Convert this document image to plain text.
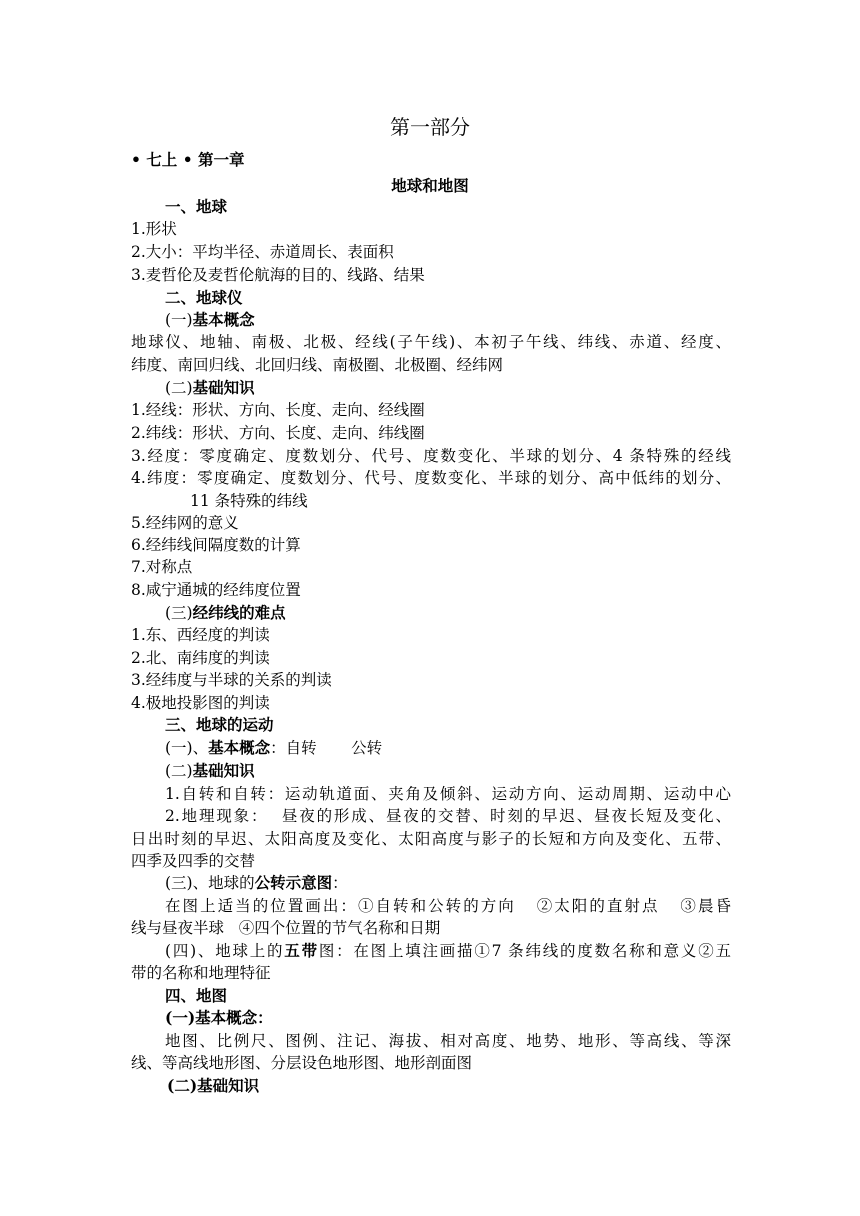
第一部分
• 七上 • 第一章
地球和地图
一、地球
1.形状
2.大小：平均半径、赤道周长、表面积
3.麦哲伦及麦哲伦航海的目的、线路、结果
二、地球仪
(一)基本概念
地球仪、地轴、南极、北极、经线(子午线)、本初子午线、纬线、赤道、经度、
纬度、南回归线、北回归线、南极圈、北极圈、经纬网
(二)基础知识
1.经线：形状、方向、长度、走向、经线圈
2.纬线：形状、方向、长度、走向、纬线圈
3.经度：零度确定、度数划分、代号、度数变化、半球的划分、4 条特殊的经线
4.纬度：零度确定、度数划分、代号、度数变化、半球的划分、高中低纬的划分、
11 条特殊的纬线
5.经纬网的意义
6.经纬线间隔度数的计算
7.对称点
8.咸宁通城的经纬度位置
(三)经纬线的难点
1.东、西经度的判读
2.北、南纬度的判读
3.经纬度与半球的关系的判读
4.极地投影图的判读
三、地球的运动
(一)、基本概念：自转       公转
(二)基础知识
1.自转和自转：运动轨道面、夹角及倾斜、运动方向、运动周期、运动中心
2.地理现象：  昼夜的形成、昼夜的交替、时刻的早迟、昼夜长短及变化、
日出时刻的早迟、太阳高度及变化、太阳高度与影子的长短和方向及变化、五带、
四季及四季的交替
(三)、地球的公转示意图：
在图上适当的位置画出：①自转和公转的方向   ②太阳的直射点   ③晨昏
线与昼夜半球   ④四个位置的节气名称和日期
(四)、地球上的五带图：在图上填注画描①7 条纬线的度数名称和意义②五
带的名称和地理特征
四、地图
(一)基本概念：
地图、比例尺、图例、注记、海拔、相对高度、地势、地形、等高线、等深
线、等高线地形图、分层设色地形图、地形剖面图
(二)基础知识
